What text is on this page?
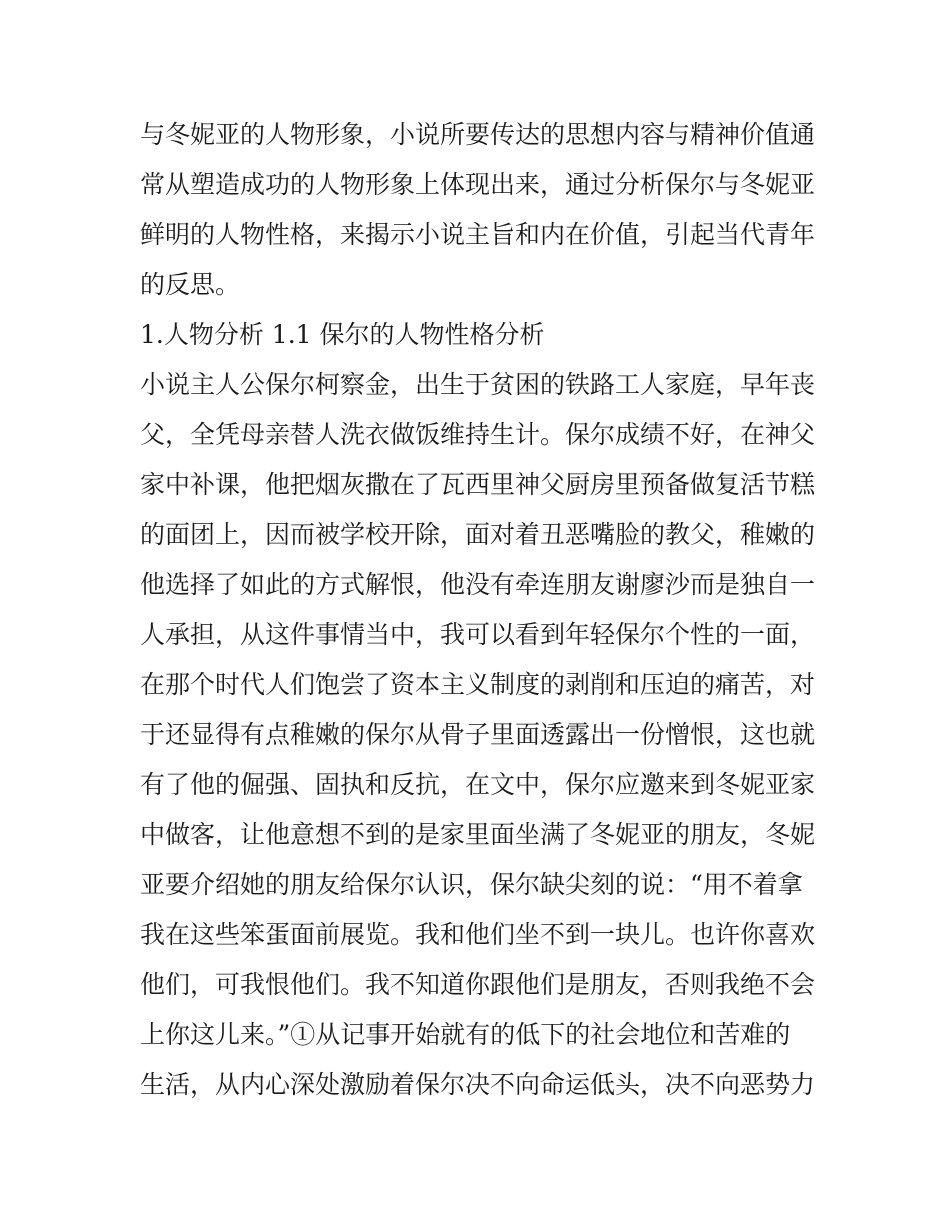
与冬妮亚的人物形象，小说所要传达的思想内容与精神价值通
常从塑造成功的人物形象上体现出来，通过分析保尔与冬妮亚
鲜明的人物性格，来揭示小说主旨和内在价值，引起当代青年
的反思。
1.人物分析 1.1 保尔的人物性格分析
小说主人公保尔柯察金，出生于贫困的铁路工人家庭，早年丧
父，全凭母亲替人洗衣做饭维持生计。保尔成绩不好，在神父
家中补课，他把烟灰撒在了瓦西里神父厨房里预备做复活节糕
的面团上，因而被学校开除，面对着丑恶嘴脸的教父，稚嫩的
他选择了如此的方式解恨，他没有牵连朋友谢廖沙而是独自一
人承担，从这件事情当中，我可以看到年轻保尔个性的一面，
在那个时代人们饱尝了资本主义制度的剥削和压迫的痛苦，对
于还显得有点稚嫩的保尔从骨子里面透露出一份憎恨，这也就
有了他的倔强、固执和反抗，在文中，保尔应邀来到冬妮亚家
中做客，让他意想不到的是家里面坐满了冬妮亚的朋友，冬妮
亚要介绍她的朋友给保尔认识，保尔缺尖刻的说：“用不着拿
我在这些笨蛋面前展览。我和他们坐不到一块儿。也许你喜欢
他们，可我恨他们。我不知道你跟他们是朋友，否则我绝不会
上你这儿来。”①从记事开始就有的低下的社会地位和苦难的
生活，从内心深处激励着保尔决不向命运低头，决不向恶势力
